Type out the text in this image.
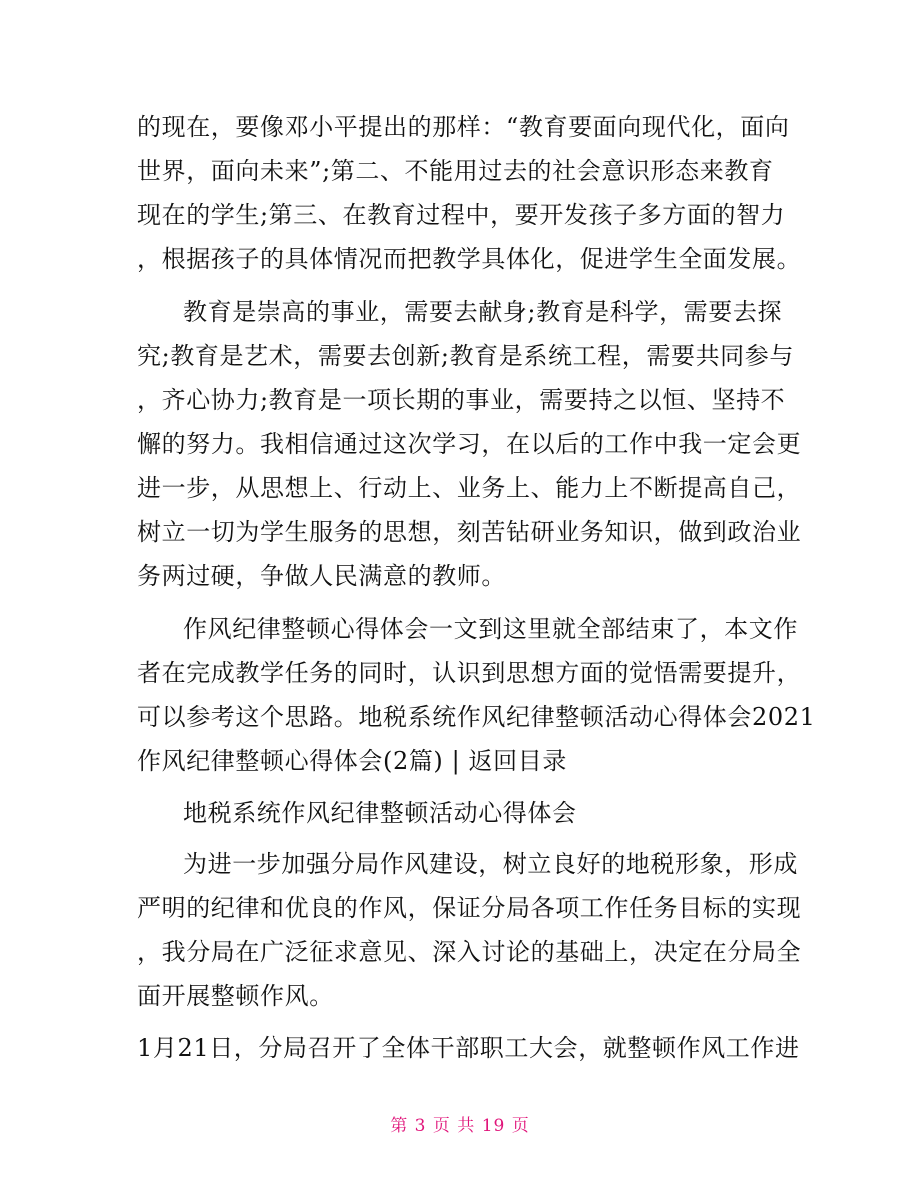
的现在，要像邓小平提出的那样：“教育要面向现代化，面向
世界，面向未来”;第二、不能用过去的社会意识形态来教育
现在的学生;第三、在教育过程中，要开发孩子多方面的智力
，根据孩子的具体情况而把教学具体化，促进学生全面发展。
教育是崇高的事业，需要去献身;教育是科学，需要去探
究;教育是艺术，需要去创新;教育是系统工程，需要共同参与
，齐心协力;教育是一项长期的事业，需要持之以恒、坚持不
懈的努力。我相信通过这次学习，在以后的工作中我一定会更
进一步，从思想上、行动上、业务上、能力上不断提高自己，
树立一切为学生服务的思想，刻苦钻研业务知识，做到政治业
务两过硬，争做人民满意的教师。
作风纪律整顿心得体会一文到这里就全部结束了，本文作
者在完成教学任务的同时，认识到思想方面的觉悟需要提升，
可以参考这个思路。地税系统作风纪律整顿活动心得体会2021
作风纪律整顿心得体会(2篇) | 返回目录
地税系统作风纪律整顿活动心得体会
为进一步加强分局作风建设，树立良好的地税形象，形成
严明的纪律和优良的作风，保证分局各项工作任务目标的实现
，我分局在广泛征求意见、深入讨论的基础上，决定在分局全
面开展整顿作风。
1月21日，分局召开了全体干部职工大会，就整顿作风工作进
第 3 页 共 19 页
